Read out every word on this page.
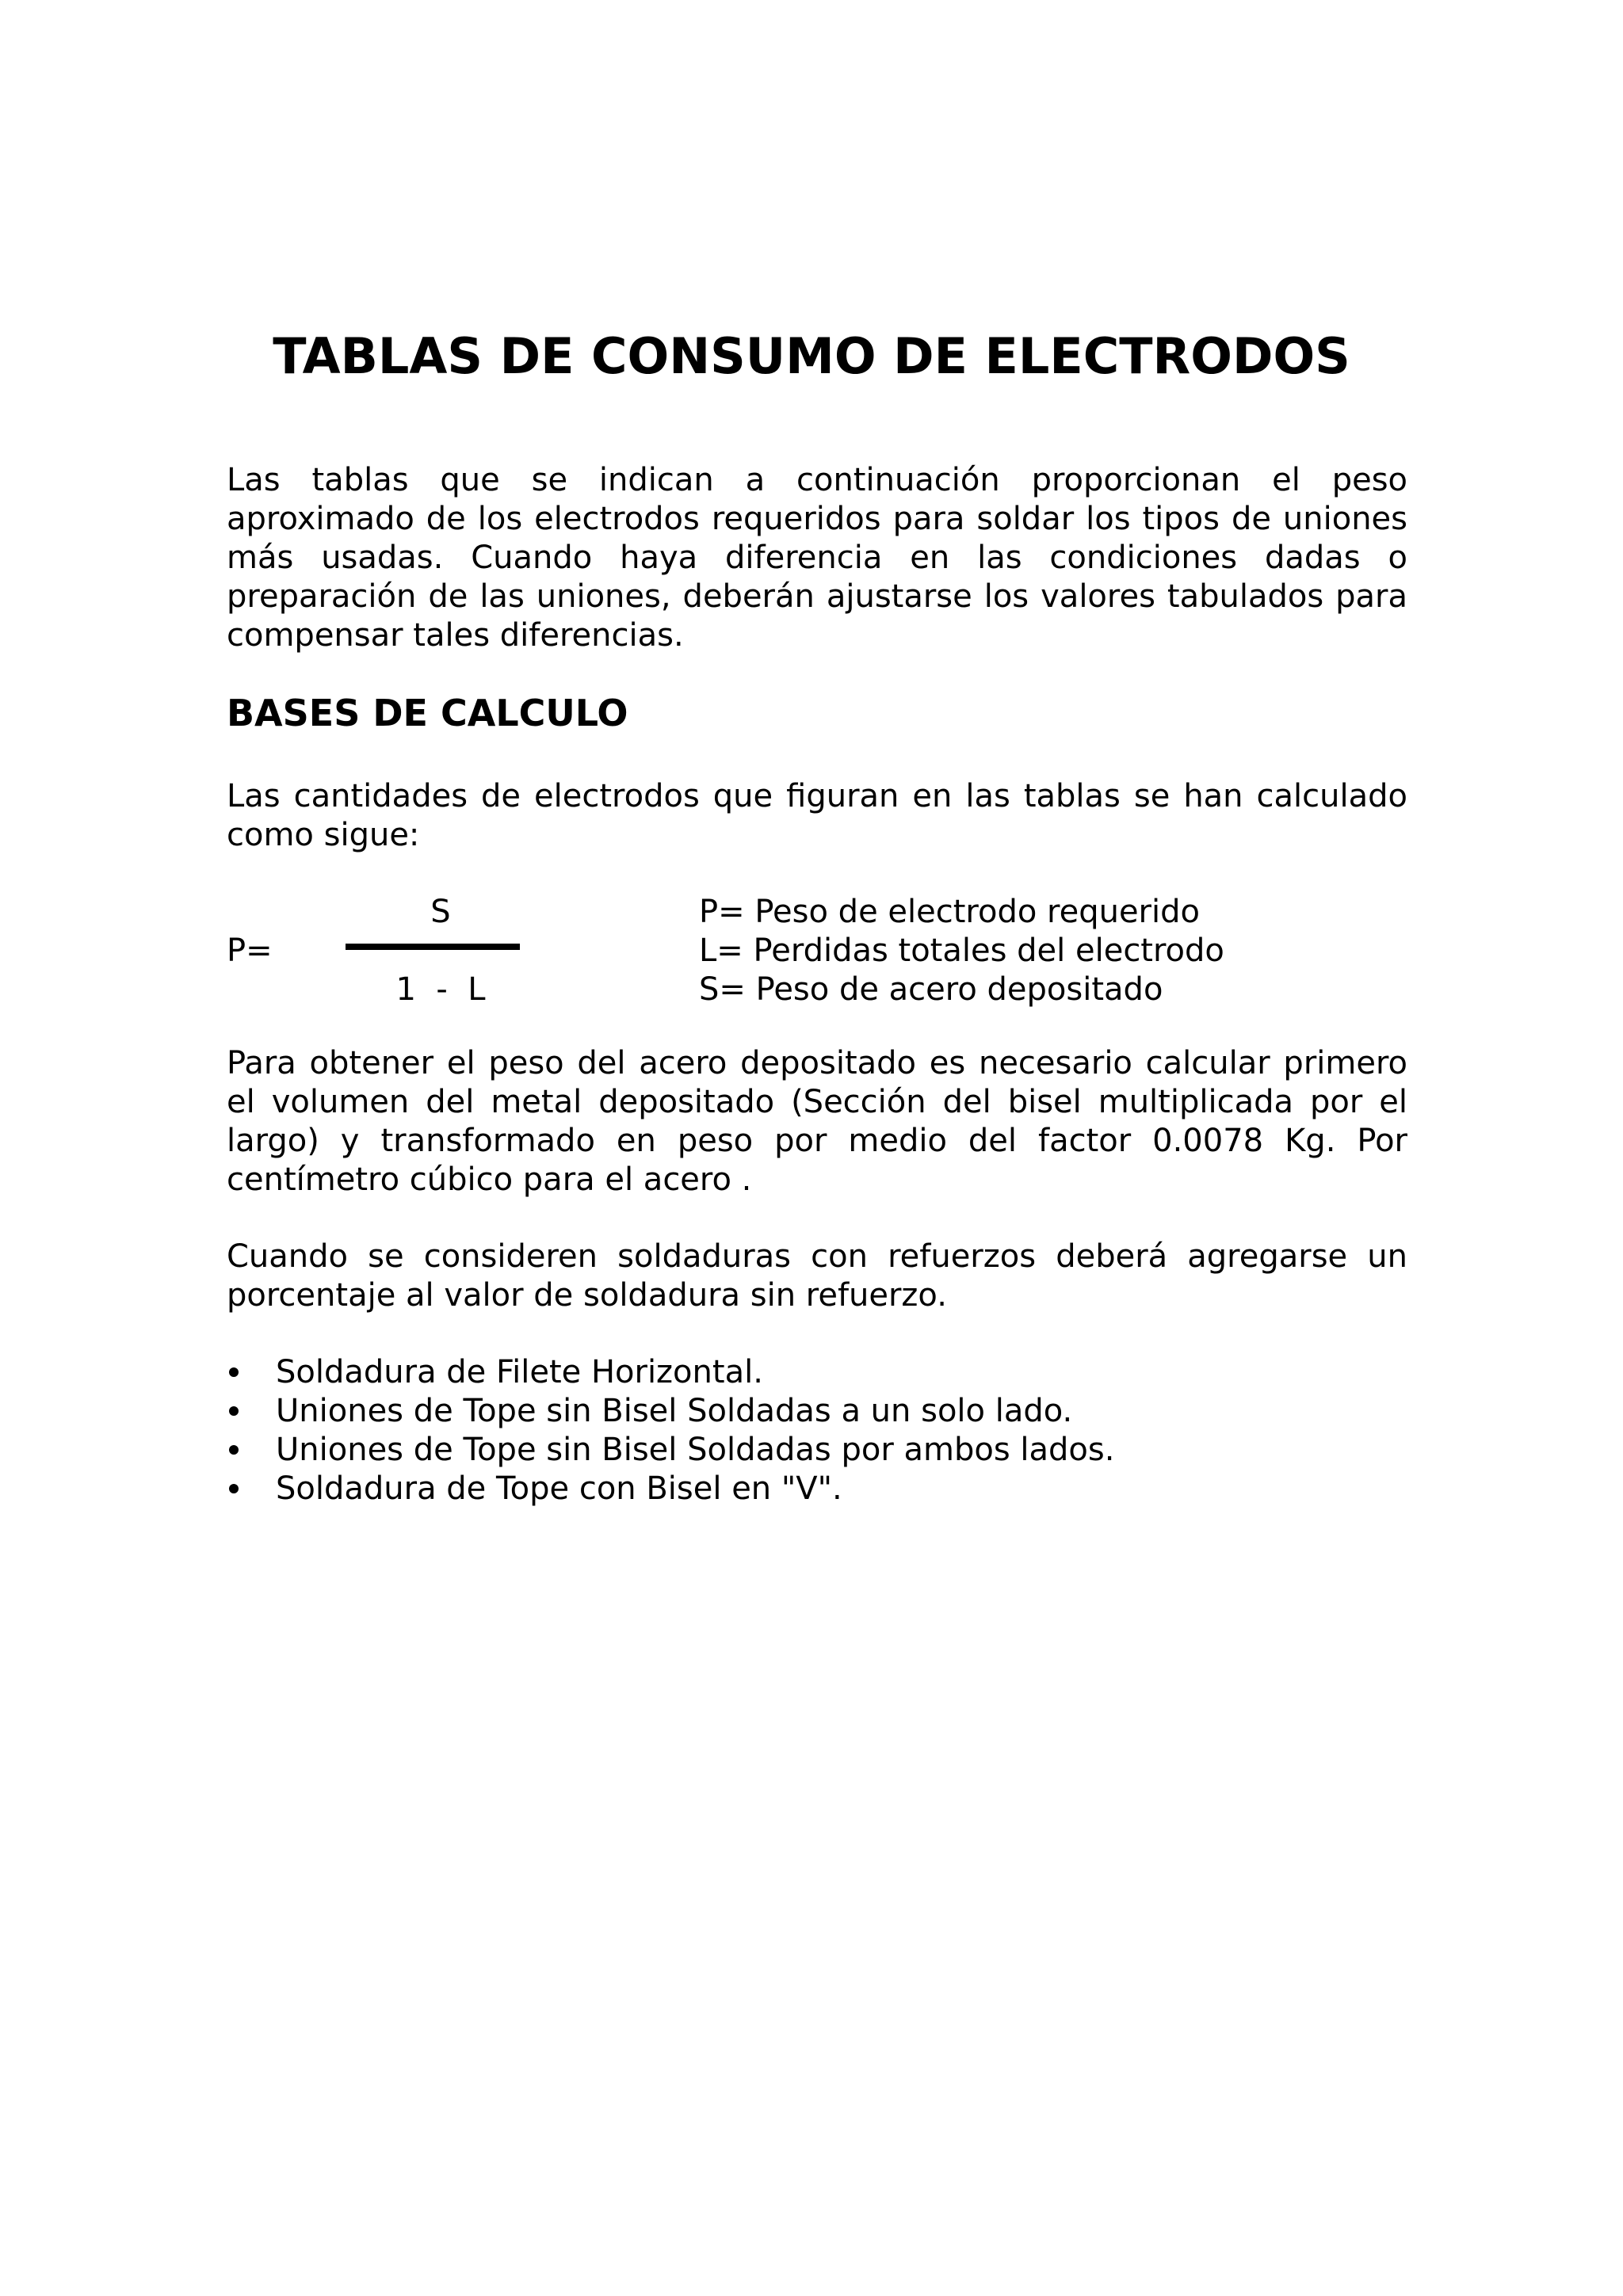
TABLAS DE CONSUMO DE ELECTRODOS

Las tablas que se indican a continuación proporcionan el peso aproximado de los electrodos requeridos para soldar los tipos de uniones más usadas. Cuando haya diferencia en las condiciones dadas o preparación de las uniones, deberán ajustarse los valores tabulados para compensar tales diferencias.

BASES DE CALCULO

Las cantidades de electrodos que figuran en las tablas se han calculado como sigue:

S
P=
1  -  L
P= Peso de electrodo requerido
L= Perdidas totales del electrodo
S= Peso de acero depositado

Para obtener el peso del acero depositado es necesario calcular primero el volumen del metal depositado (Sección del bisel multiplicada por el largo) y transformado en peso por medio del factor 0.0078 Kg. Por centímetro cúbico para el acero .

Cuando se consideren soldaduras con refuerzos deberá agregarse un porcentaje al valor de soldadura sin refuerzo.

Soldadura de Filete Horizontal.
Uniones de Tope sin Bisel Soldadas a un solo lado.
Uniones de Tope sin Bisel Soldadas por ambos lados.
Soldadura de Tope con Bisel en "V".
